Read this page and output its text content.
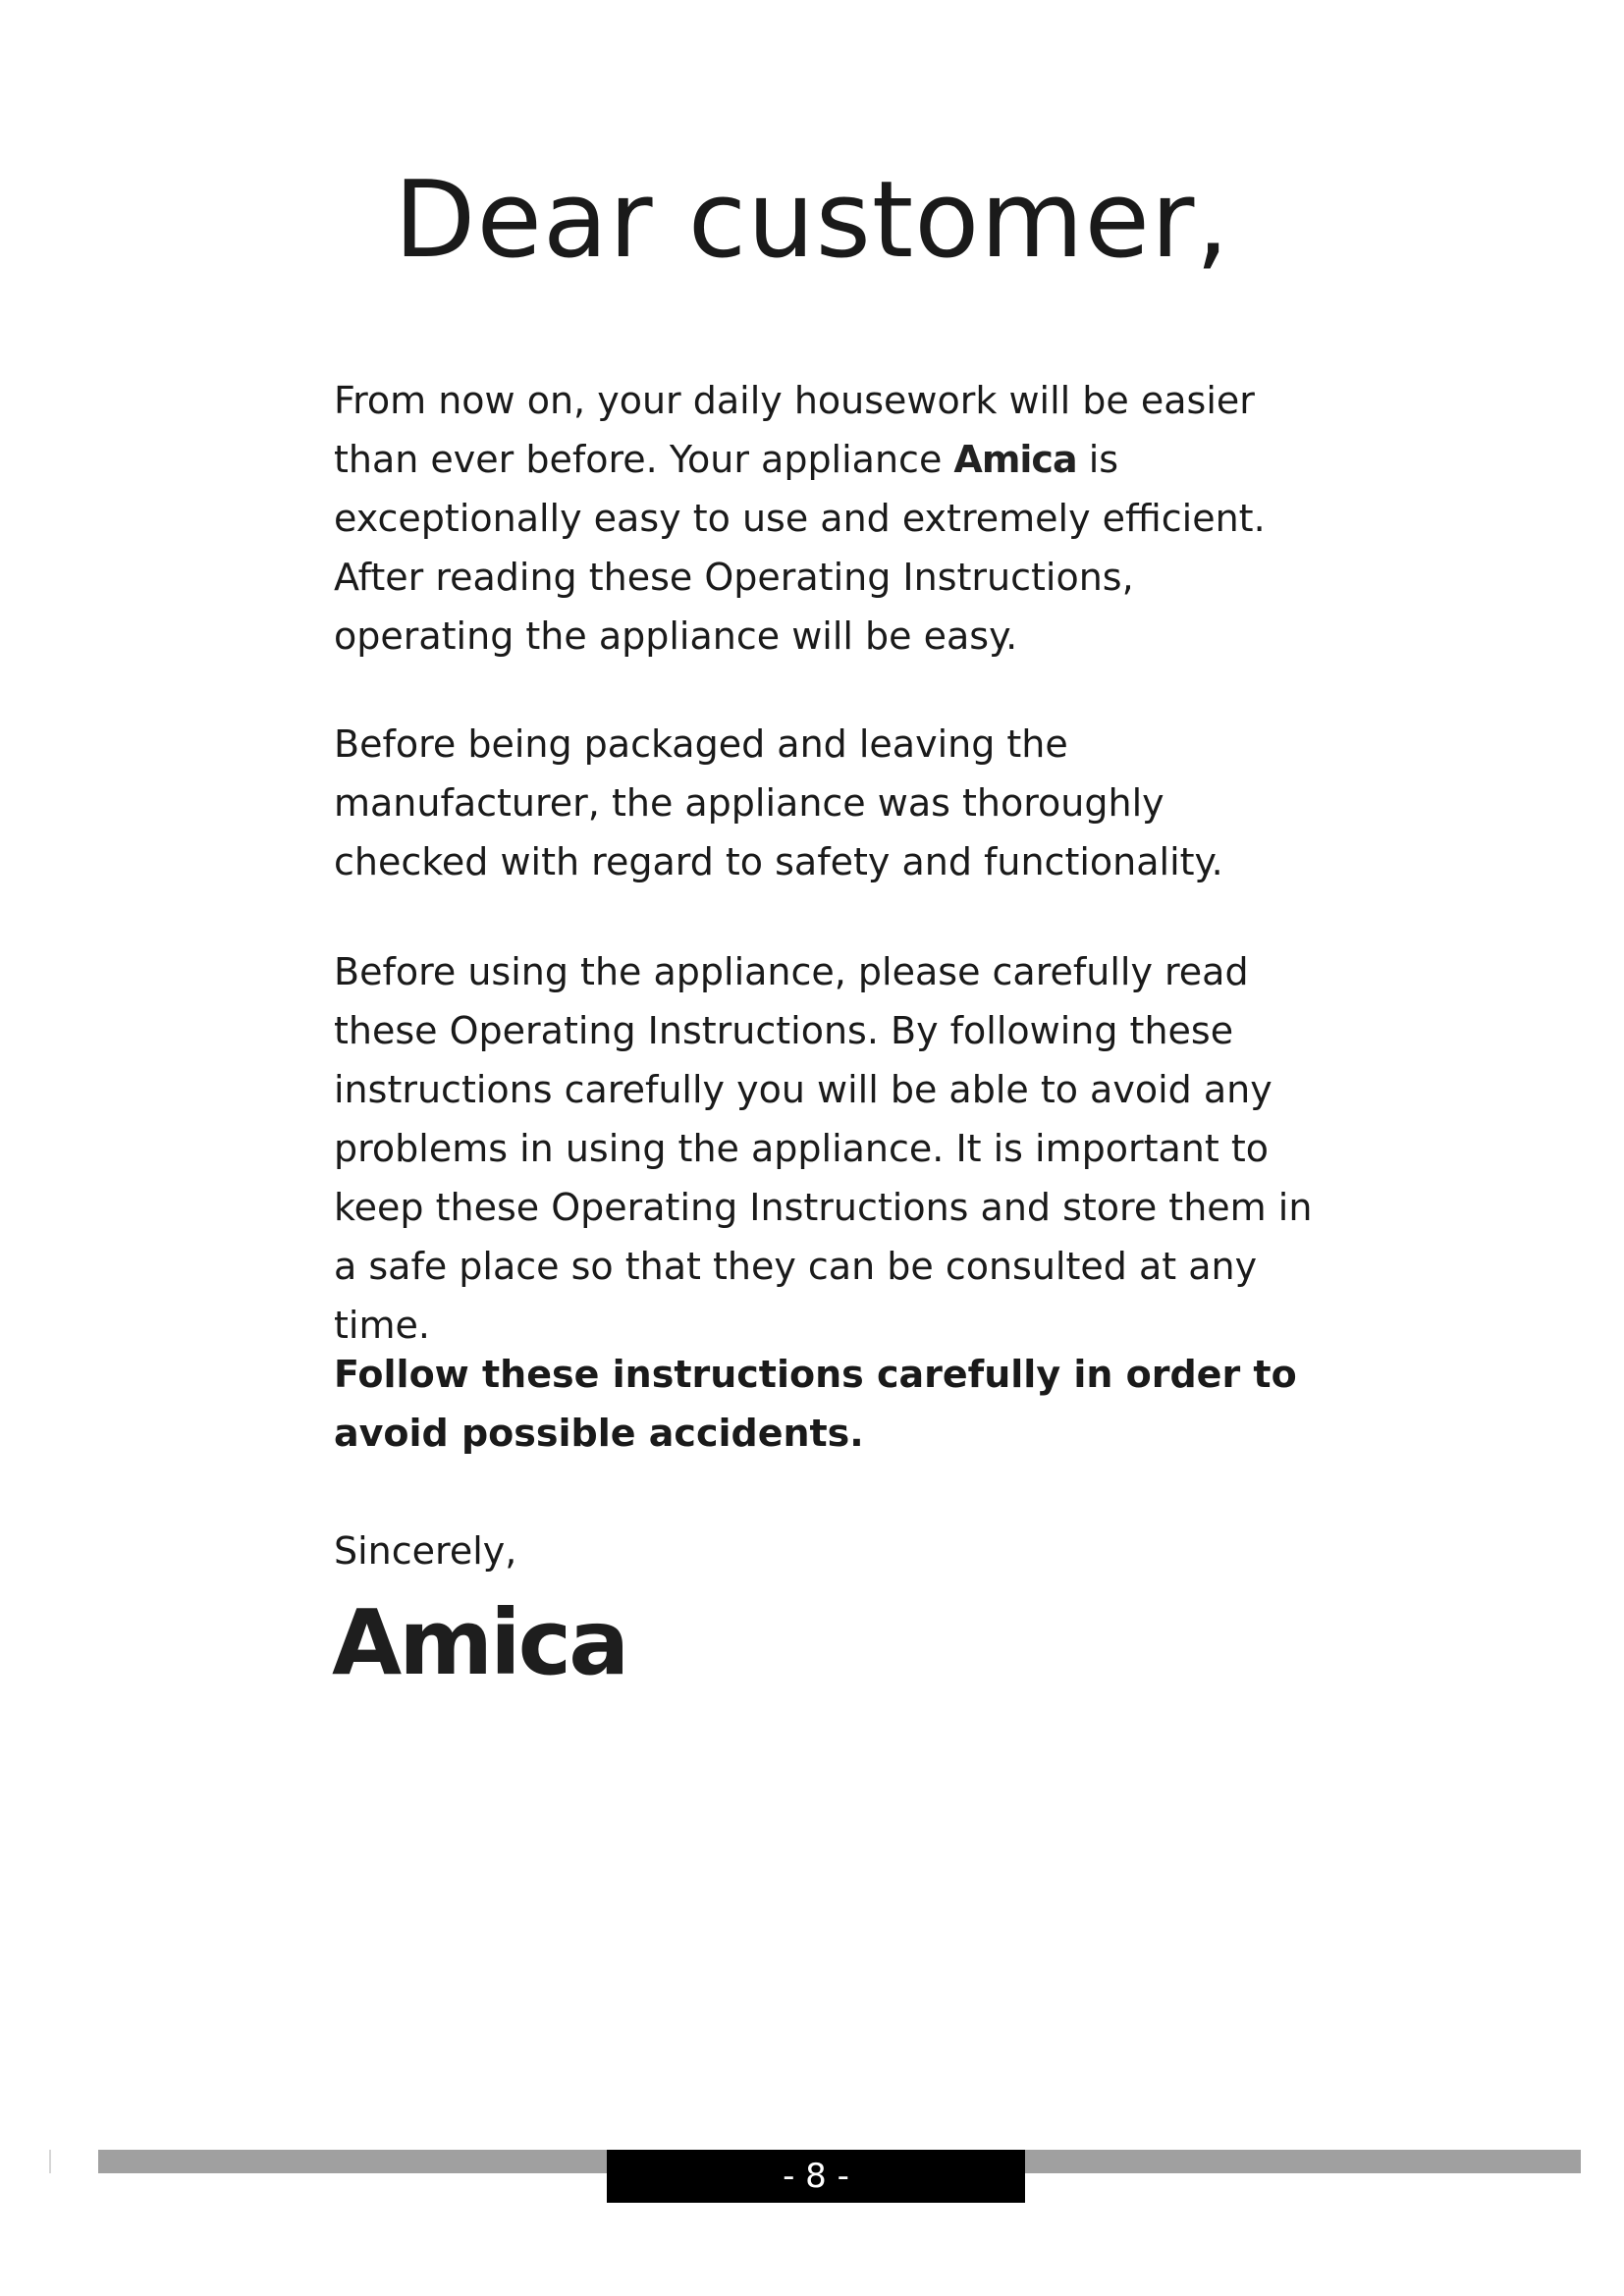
Dear customer,

From now on, your daily housework will be easier than ever before. Your appliance Amica is exceptionally easy to use and extremely efficient. After reading these Operating Instructions, operating the appliance will be easy.

Before being packaged and leaving the manufacturer, the appliance was thoroughly checked with regard to safety and functionality.

Before using the appliance, please carefully read these Operating Instructions. By following these instructions carefully you will be able to avoid any problems in using the appliance. It is important to keep these Operating Instructions and store them in a safe place so that they can be consulted at any time.

Follow these instructions carefully in order to avoid possible accidents.

Sincerely,

Amica
- 8 -
